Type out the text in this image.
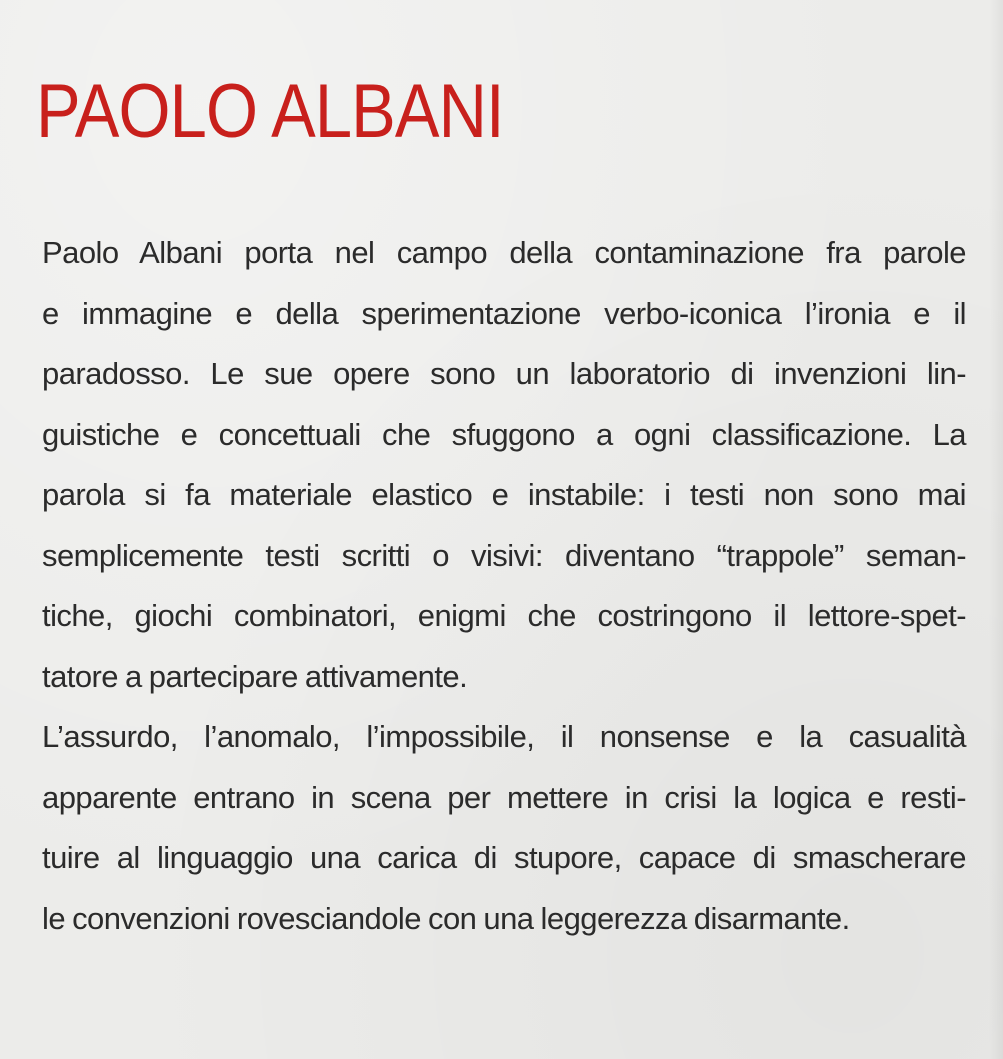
PAOLO ALBANI
Paolo Albani porta nel campo della contaminazione fra parole
e immagine e della sperimentazione verbo-iconica l’ironia e il
paradosso. Le sue opere sono un laboratorio di invenzioni lin-
guistiche e concettuali che sfuggono a ogni classificazione. La
parola si fa materiale elastico e instabile: i testi non sono mai
semplicemente testi scritti o visivi: diventano “trappole” seman-
tiche, giochi combinatori, enigmi che costringono il lettore-spet-
tatore a partecipare attivamente.
L’assurdo, l’anomalo, l’impossibile, il nonsense e la casualità
apparente entrano in scena per mettere in crisi la logica e resti-
tuire al linguaggio una carica di stupore, capace di smascherare
le convenzioni rovesciandole con una leggerezza disarmante.
